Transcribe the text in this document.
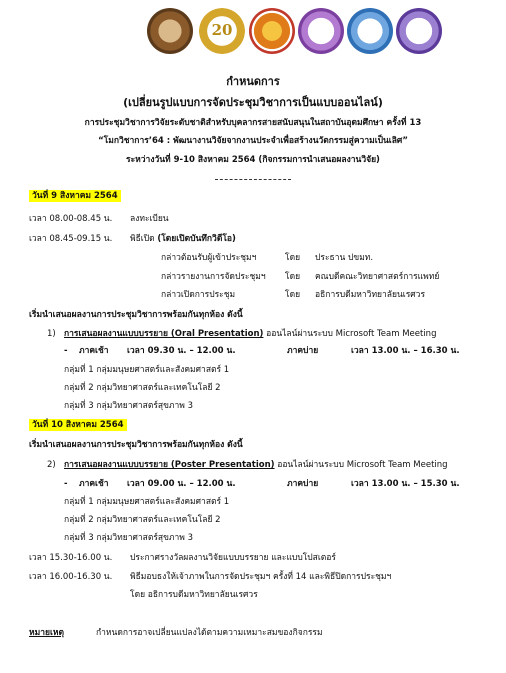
20
กำหนดการ
(เปลี่ยนรูปแบบการจัดประชุมวิชาการเป็นแบบออนไลน์)
การประชุมวิชาการวิจัยระดับชาติสำหรับบุคลากรสายสนับสนุนในสถาบันอุดมศึกษา ครั้งที่ 13
“โมกวิชาการ’64 : พัฒนางานวิจัยจากงานประจำเพื่อสร้างนวัตกรรมสู่ความเป็นเลิศ”
ระหว่างวันที่ 9-10 สิงหาคม 2564 (กิจกรรมการนำเสนอผลงานวิจัย)
วันที่ 9 สิงหาคม 2564
เวลา 08.00-08.45 น. ลงทะเบียน
เวลา 08.45-09.15 น. พิธีเปิด (โดยเปิดบันทึกวิดีโอ)
กล่าวต้อนรับผู้เข้าประชุมฯ	โดย ประธาน ปขมท.
กล่าวรายงานการจัดประชุมฯ โดย คณบดีคณะวิทยาศาสตร์การแพทย์
กล่าวเปิดการประชุม	โดย อธิการบดีมหาวิทยาลัยนเรศวร
เริ่มนำเสนอผลงานการประชุมวิชาการพร้อมกันทุกห้อง ดังนี้
1) การเสนอผลงานแบบบรรยาย (Oral Presentation) ออนไลน์ผ่านระบบ Microsoft Team Meeting
- ภาคเช้า เวลา 09.30 น. – 12.00 น.	ภาคบ่าย	เวลา 13.00 น. – 16.30 น.
กลุ่มที่ 1 กลุ่มมนุษยศาสตร์และสังคมศาสตร์ 1
กลุ่มที่ 2 กลุ่มวิทยาศาสตร์และเทคโนโลยี 2
กลุ่มที่ 3 กลุ่มวิทยาศาสตร์สุขภาพ 3
วันที่ 10 สิงหาคม 2564
เริ่มนำเสนอผลงานการประชุมวิชาการพร้อมกันทุกห้อง ดังนี้
2) การเสนอผลงานแบบบรรยาย (Poster Presentation) ออนไลน์ผ่านระบบ Microsoft Team Meeting
- ภาคเช้า เวลา 09.00 น. – 12.00 น.	ภาคบ่าย	เวลา 13.00 น. – 15.30 น.
กลุ่มที่ 1 กลุ่มมนุษยศาสตร์และสังคมศาสตร์ 1
กลุ่มที่ 2 กลุ่มวิทยาศาสตร์และเทคโนโลยี 2
กลุ่มที่ 3 กลุ่มวิทยาศาสตร์สุขภาพ 3
เวลา 15.30-16.00 น. ประกาศรางวัลผลงานวิจัยแบบบรรยาย และแบบโปสเตอร์
เวลา 16.00-16.30 น. พิธีมอบธงให้เจ้าภาพในการจัดประชุมฯ ครั้งที่ 14 และพิธีปิดการประชุมฯ
โดย อธิการบดีมหาวิทยาลัยนเรศวร
หมายเหตุ	กำหนดการอาจเปลี่ยนแปลงได้ตามความเหมาะสมของกิจกรรม
